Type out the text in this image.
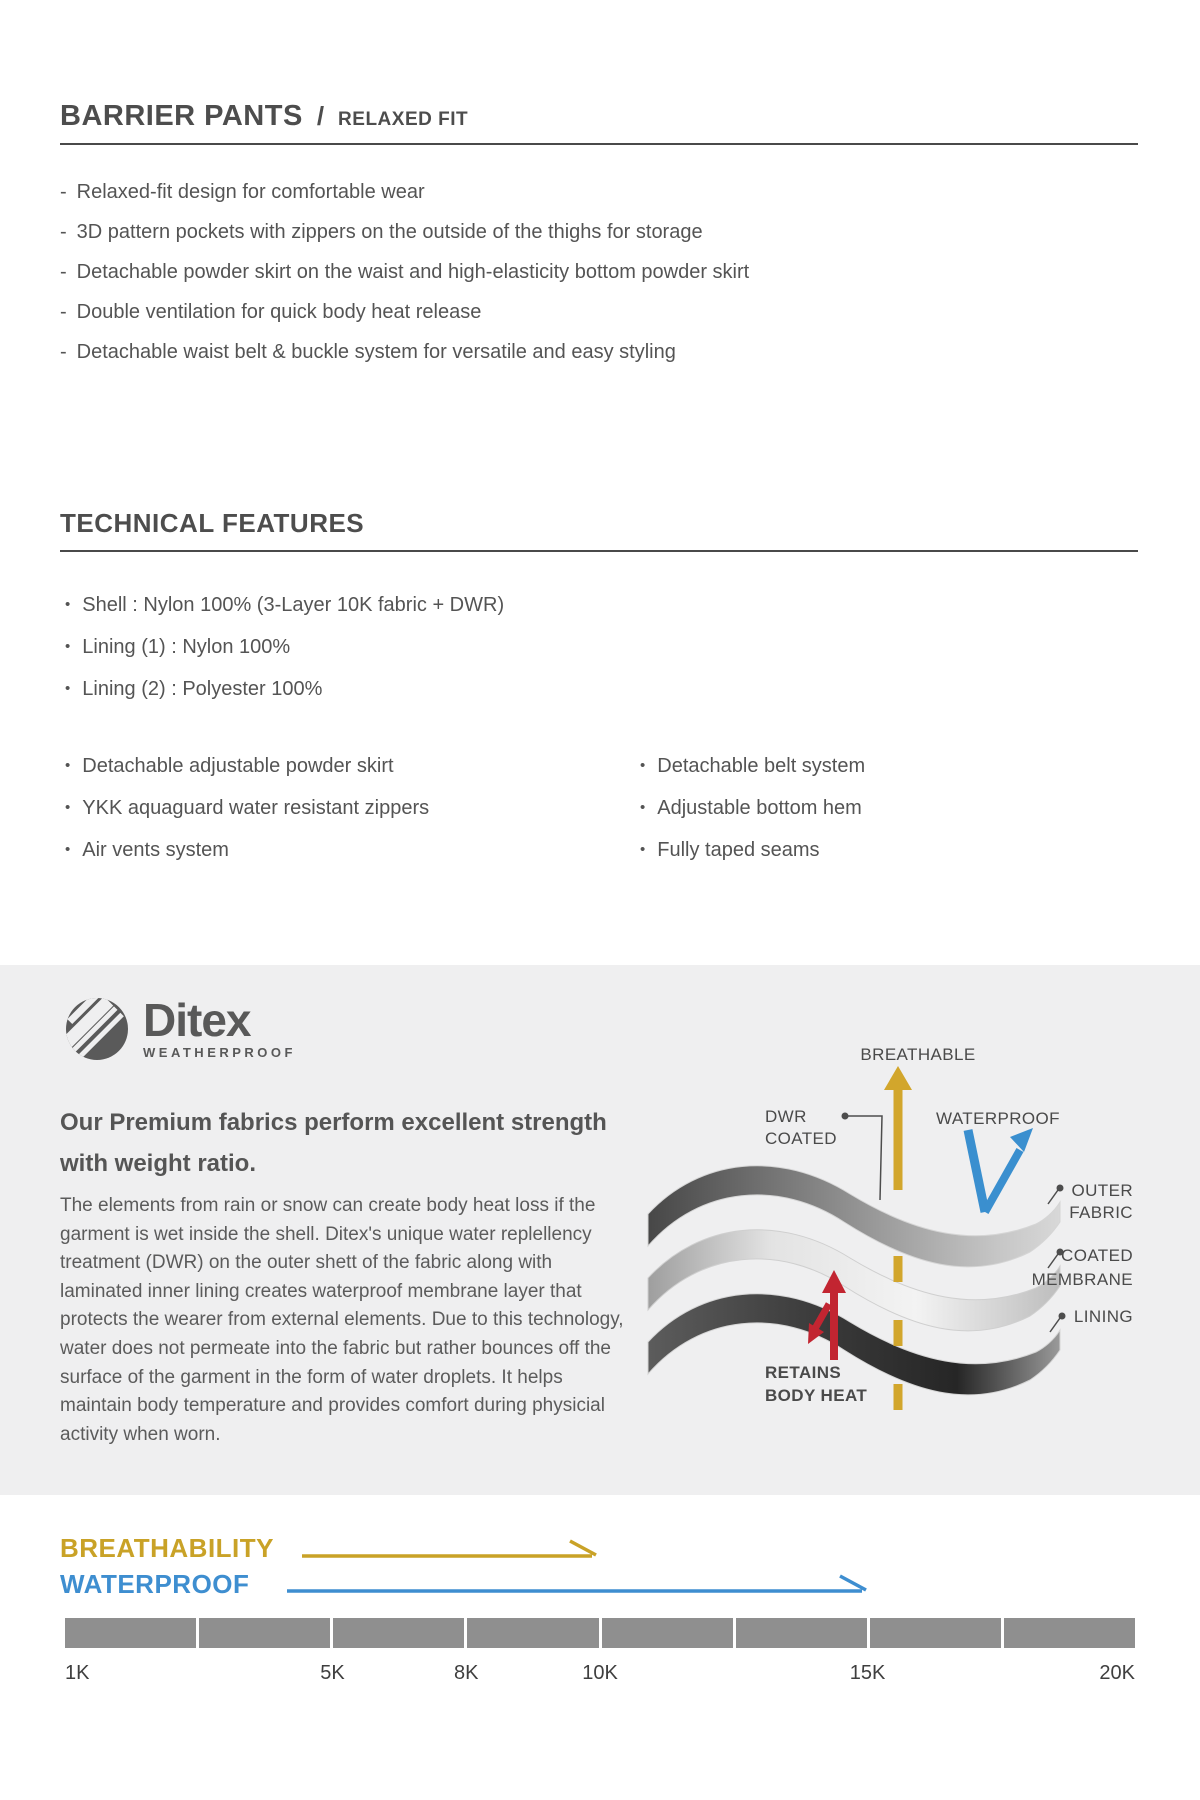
BARRIER PANTS / RELAXED FIT
- Relaxed-fit design for comfortable wear
- 3D pattern pockets with zippers on the outside of the thighs for storage
- Detachable powder skirt on the waist and high-elasticity bottom powder skirt
- Double ventilation for quick body heat release
- Detachable waist belt & buckle system for versatile and easy styling
TECHNICAL FEATURES
• Shell : Nylon 100% (3-Layer 10K fabric + DWR)
• Lining (1) : Nylon 100%
• Lining (2) : Polyester 100%
• Detachable adjustable powder skirt
• YKK aquaguard water resistant zippers
• Air vents system
• Detachable belt system
• Adjustable bottom hem
• Fully taped seams
Ditex
WEATHERPROOF
Our Premium fabrics perform excellent strength with weight ratio.
The elements from rain or snow can create body heat loss if the garment is wet inside the shell. Ditex's unique water replellency treatment (DWR) on the outer shett of the fabric along with laminated inner lining creates waterproof membrane layer that protects the wearer from external elements. Due to this technology, water does not permeate into the fabric but rather bounces off the surface of the garment in the form of water droplets. It helps maintain body temperature and provides comfort during physicial activity when worn.
BREATHABLE
WATERPROOF
DWR
COATED
OUTER
FABRIC
COATED
MEMBRANE
LINING
RETAINS
BODY HEAT
BREATHABILITY
WATERPROOF
1K	5K	8K	10K	15K	20K
